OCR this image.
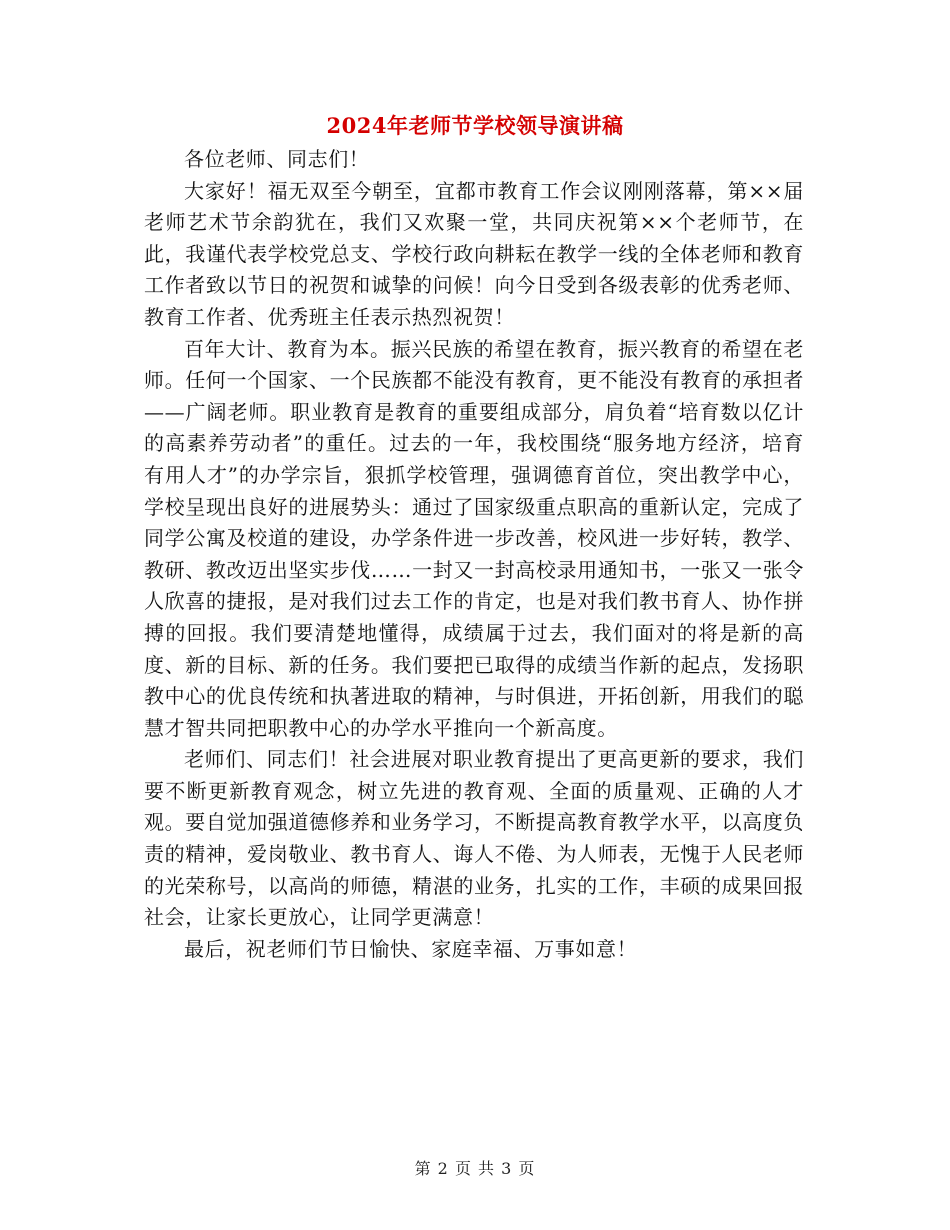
2024年老师节学校领导演讲稿

各位老师、同志们！

大家好！福无双至今朝至，宜都市教育工作会议刚刚落幕，第××届老师艺术节余韵犹在，我们又欢聚一堂，共同庆祝第××个老师节，在此，我谨代表学校党总支、学校行政向耕耘在教学一线的全体老师和教育工作者致以节日的祝贺和诚挚的问候！向今日受到各级表彰的优秀老师、教育工作者、优秀班主任表示热烈祝贺！

百年大计、教育为本。振兴民族的希望在教育，振兴教育的希望在老师。任何一个国家、一个民族都不能没有教育，更不能没有教育的承担者——广阔老师。职业教育是教育的重要组成部分，肩负着“培育数以亿计的高素养劳动者”的重任。过去的一年，我校围绕“服务地方经济，培育有用人才”的办学宗旨，狠抓学校管理，强调德育首位，突出教学中心，学校呈现出良好的进展势头：通过了国家级重点职高的重新认定，完成了同学公寓及校道的建设，办学条件进一步改善，校风进一步好转，教学、教研、教改迈出坚实步伐……一封又一封高校录用通知书，一张又一张令人欣喜的捷报，是对我们过去工作的肯定，也是对我们教书育人、协作拼搏的回报。我们要清楚地懂得，成绩属于过去，我们面对的将是新的高度、新的目标、新的任务。我们要把已取得的成绩当作新的起点，发扬职教中心的优良传统和执著进取的精神，与时俱进，开拓创新，用我们的聪慧才智共同把职教中心的办学水平推向一个新高度。

老师们、同志们！社会进展对职业教育提出了更高更新的要求，我们要不断更新教育观念，树立先进的教育观、全面的质量观、正确的人才观。要自觉加强道德修养和业务学习，不断提高教育教学水平，以高度负责的精神，爱岗敬业、教书育人、诲人不倦、为人师表，无愧于人民老师的光荣称号，以高尚的师德，精湛的业务，扎实的工作，丰硕的成果回报社会，让家长更放心，让同学更满意！

最后，祝老师们节日愉快、家庭幸福、万事如意！

第 2 页 共 3 页
